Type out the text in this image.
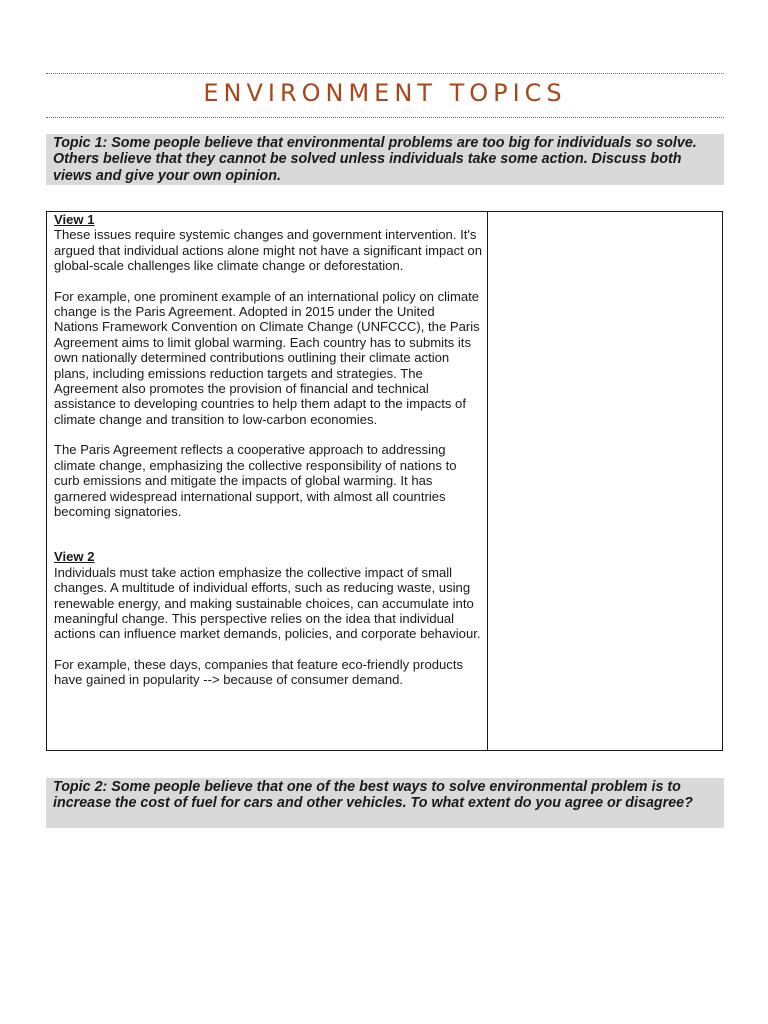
ENVIRONMENT TOPICS
Topic 1: Some people believe that environmental problems are too big for individuals so solve. Others believe that they cannot be solved unless individuals take some action. Discuss both views and give your own opinion.
View 1

These issues require systemic changes and government intervention. It's argued that individual actions alone might not have a significant impact on global-scale challenges like climate change or deforestation.

For example, one prominent example of an international policy on climate change is the Paris Agreement. Adopted in 2015 under the United Nations Framework Convention on Climate Change (UNFCCC), the Paris Agreement aims to limit global warming. Each country has to submits its own nationally determined contributions outlining their climate action plans, including emissions reduction targets and strategies. The Agreement also promotes the provision of financial and technical assistance to developing countries to help them adapt to the impacts of climate change and transition to low-carbon economies.

The Paris Agreement reflects a cooperative approach to addressing climate change, emphasizing the collective responsibility of nations to curb emissions and mitigate the impacts of global warming. It has garnered widespread international support, with almost all countries becoming signatories.

View 2

Individuals must take action emphasize the collective impact of small changes. A multitude of individual efforts, such as reducing waste, using renewable energy, and making sustainable choices, can accumulate into meaningful change. This perspective relies on the idea that individual actions can influence market demands, policies, and corporate behaviour.

For example, these days, companies that feature eco-friendly products have gained in popularity --> because of consumer demand.

Topic 2: Some people believe that one of the best ways to solve environmental problem is to increase the cost of fuel for cars and other vehicles. To what extent do you agree or disagree?
